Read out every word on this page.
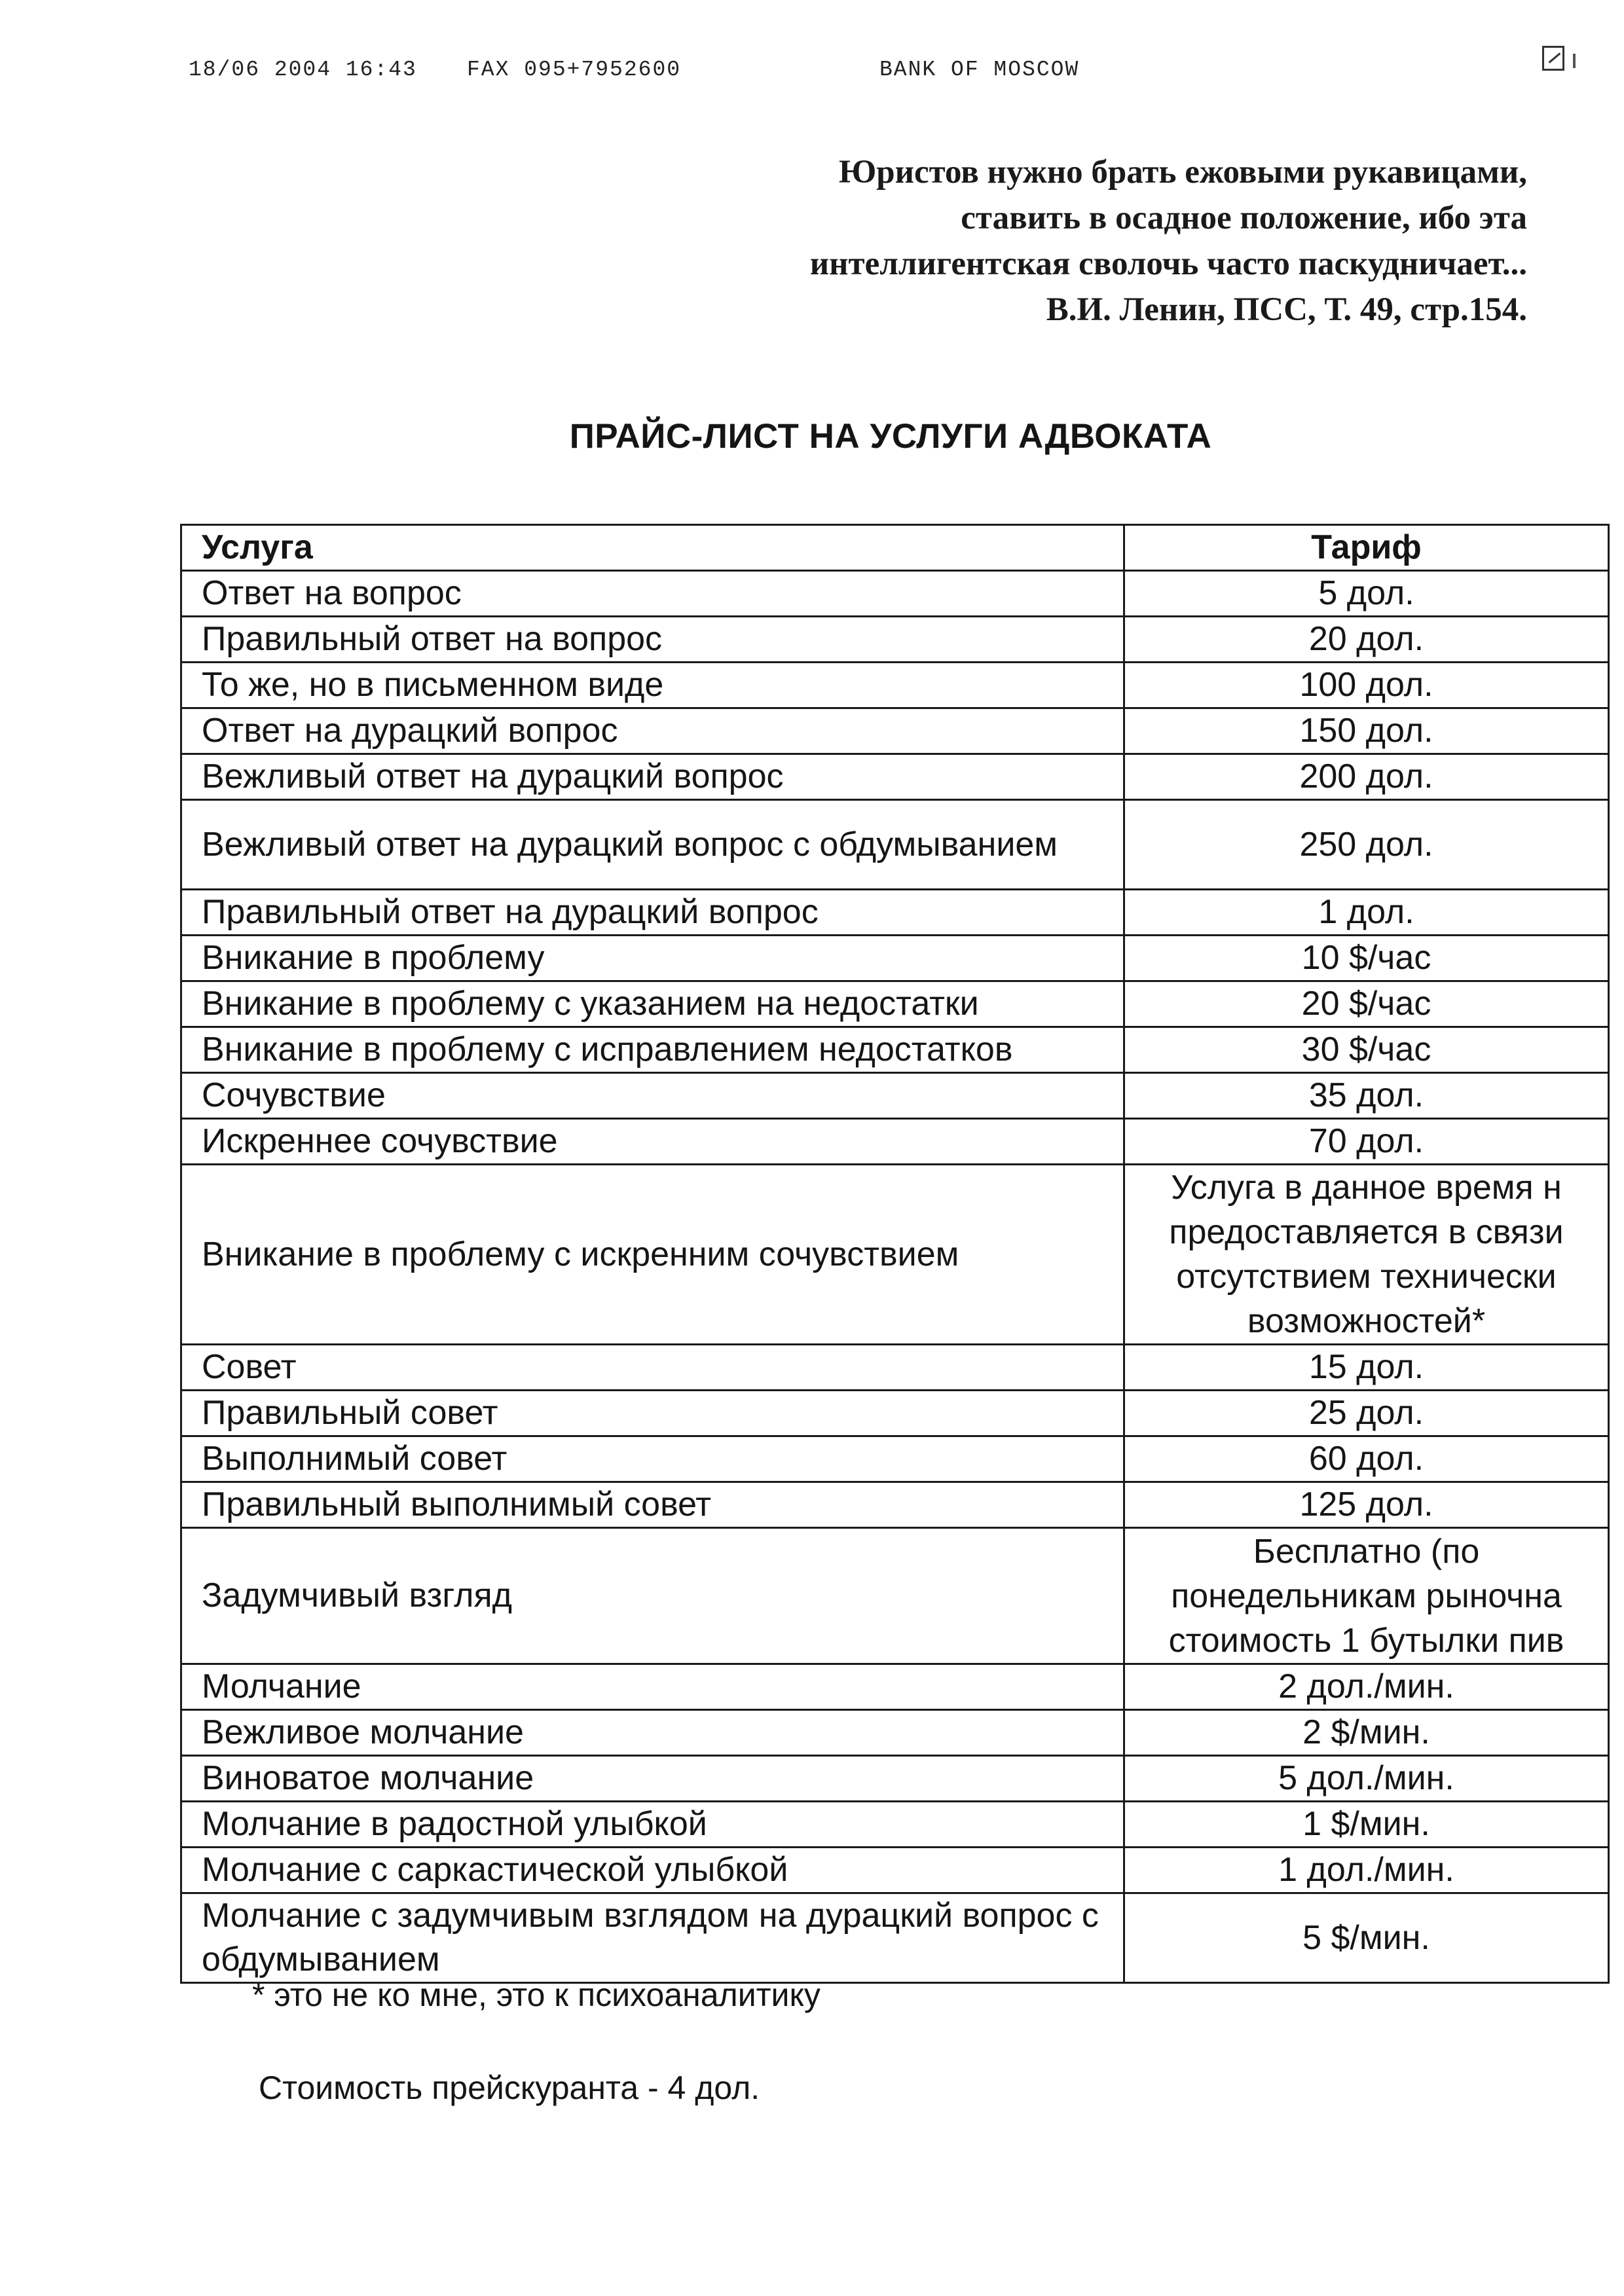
18/06 2004 16:43 FAX 095+7952600	BANK OF MOSCOW
Юристов нужно брать ежовыми рукавицами,
ставить в осадное положение, ибо эта
интеллигентская сволочь часто паскудничает...
В.И. Ленин, ПСС, Т. 49, стр.154.
ПРАЙС-ЛИСТ НА УСЛУГИ АДВОКАТА
Услуга	Тариф
Ответ на вопрос	5 дол.
Правильный ответ на вопрос	20 дол.
То же, но в письменном виде	100 дол.
Ответ на дурацкий вопрос	150 дол.
Вежливый ответ на дурацкий вопрос	200 дол.
Вежливый ответ на дурацкий вопрос с обдумыванием	250 дол.
Правильный ответ на дурацкий вопрос	1 дол.
Вникание в проблему	10 $/час
Вникание в проблему с указанием на недостатки	20 $/час
Вникание в проблему с исправлением недостатков	30 $/час
Сочувствие	35 дол.
Искреннее сочувствие	70 дол.
Вникание в проблему с искренним сочувствием	Услуга в данное время н
предоставляется в связи
отсутствием технически
возможностей*

Совет	15 дол.
Правильный совет	25 дол.
Выполнимый совет	60 дол.
Правильный выполнимый совет	125 дол.
Задумчивый взгляд	Бесплатно (по
понедельникам рыночна
стоимость 1 бутылки пив

Молчание	2 дол./мин.
Вежливое молчание	2 $/мин.
Виноватое молчание	5 дол./мин.
Молчание в радостной улыбкой	1 $/мин.
Молчание с саркастической улыбкой	1 дол./мин.
Молчание с задумчивым взглядом на дурацкий вопрос с обдумыванием	5 $/мин.
* это не ко мне, это к психоаналитику
Стоимость прейскуранта - 4 дол.
